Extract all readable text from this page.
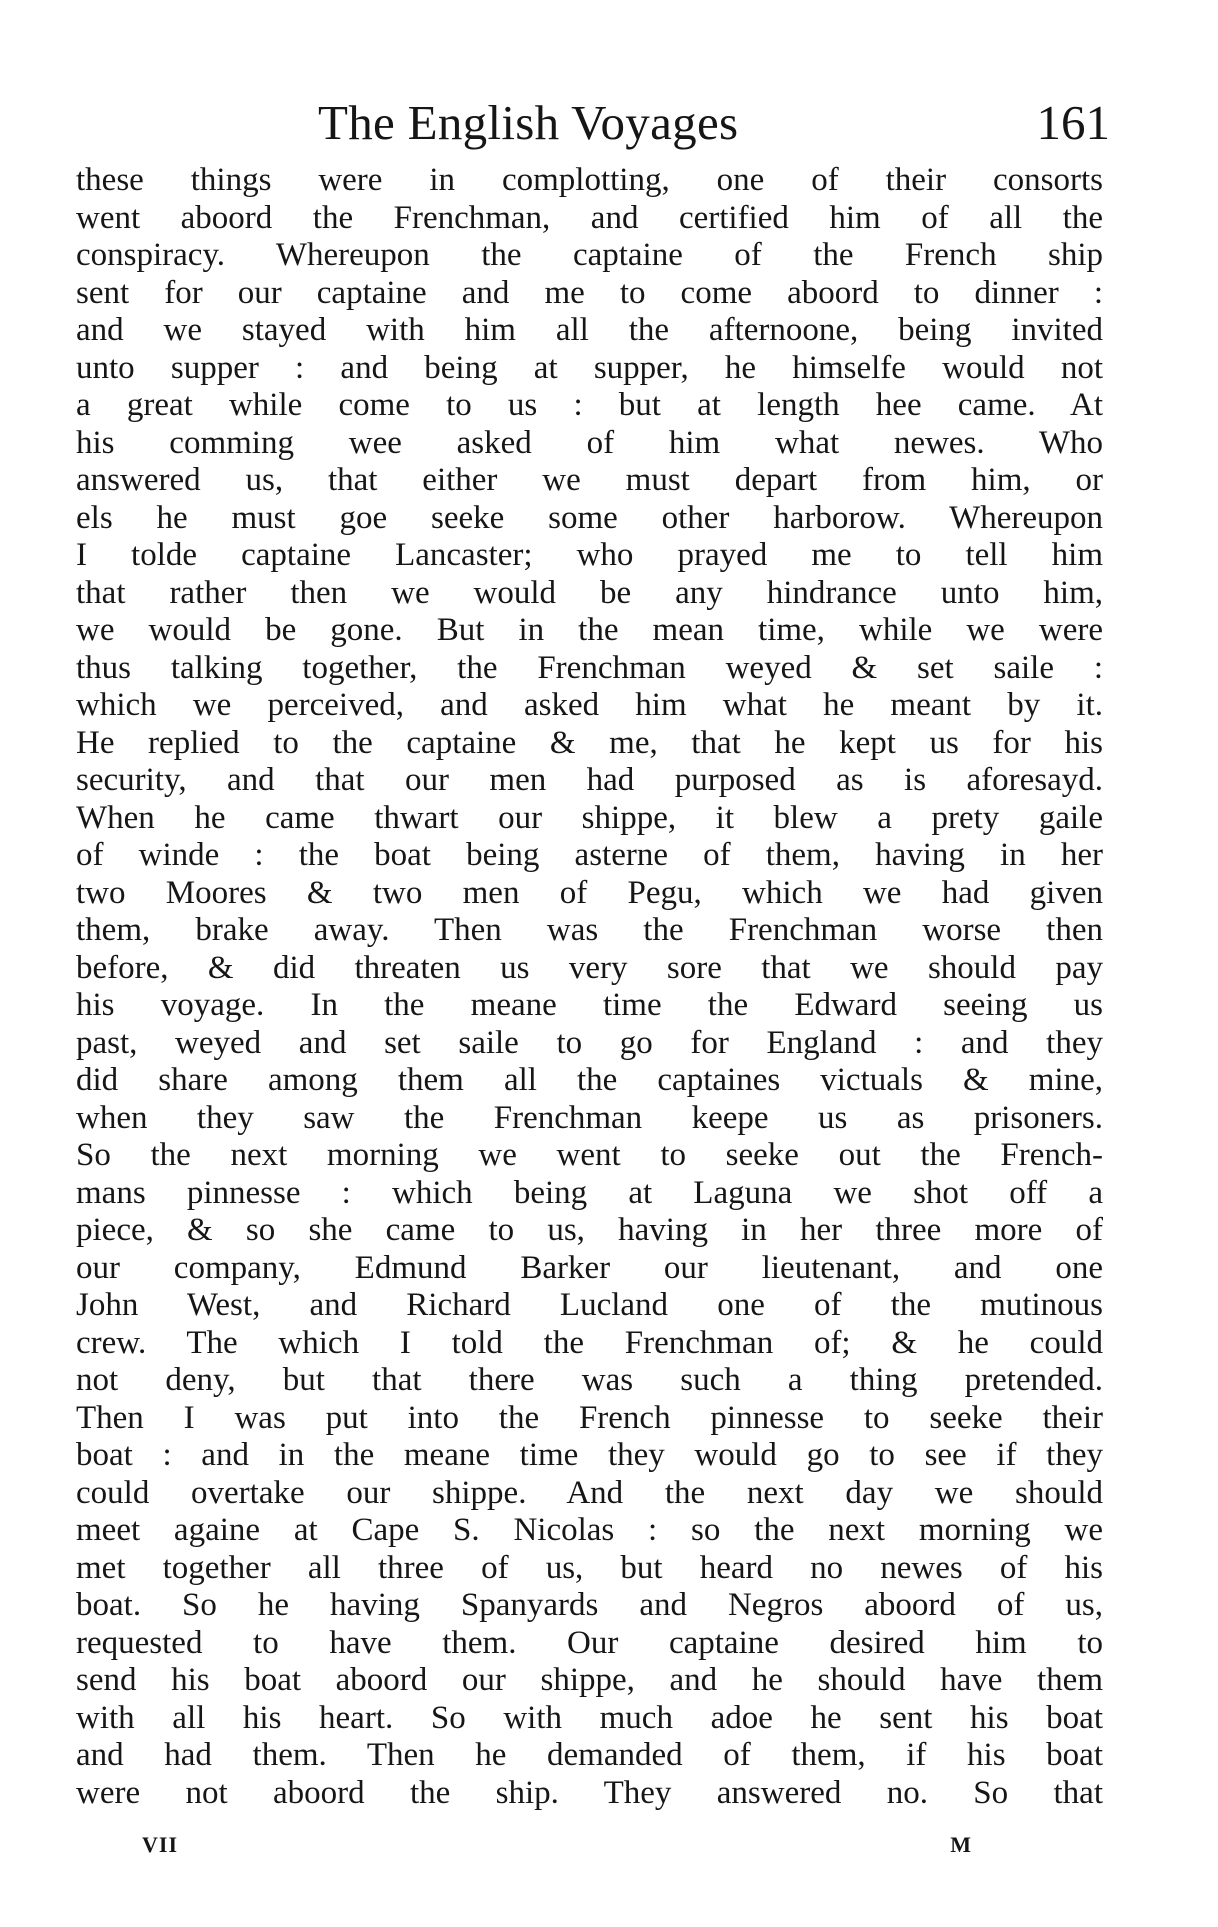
The English Voyages	161
these things were in complotting, one of their consorts
went aboord the Frenchman, and certified him of all the
conspiracy. Whereupon the captaine of the French ship
sent for our captaine and me to come aboord to dinner :
and we stayed with him all the afternoone, being invited
unto supper : and being at supper, he himselfe would not
a great while come to us : but at length hee came. At
his comming wee asked of him what newes. Who
answered us, that either we must depart from him, or
els he must goe seeke some other harborow. Whereupon
I tolde captaine Lancaster; who prayed me to tell him
that rather then we would be any hindrance unto him,
we would be gone. But in the mean time, while we were
thus talking together, the Frenchman weyed & set saile :
which we perceived, and asked him what he meant by it.
He replied to the captaine & me, that he kept us for his
security, and that our men had purposed as is aforesayd.
When he came thwart our shippe, it blew a prety gaile
of winde : the boat being asterne of them, having in her
two Moores & two men of Pegu, which we had given
them, brake away. Then was the Frenchman worse then
before, & did threaten us very sore that we should pay
his voyage. In the meane time the Edward seeing us
past, weyed and set saile to go for England : and they
did share among them all the captaines victuals & mine,
when they saw the Frenchman keepe us as prisoners.
So the next morning we went to seeke out the French-
mans pinnesse : which being at Laguna we shot off a
piece, & so she came to us, having in her three more of
our company, Edmund Barker our lieutenant, and one
John West, and Richard Lucland one of the mutinous
crew. The which I told the Frenchman of; & he could
not deny, but that there was such a thing pretended.
Then I was put into the French pinnesse to seeke their
boat : and in the meane time they would go to see if they
could overtake our shippe. And the next day we should
meet againe at Cape S. Nicolas : so the next morning we
met together all three of us, but heard no newes of his
boat. So he having Spanyards and Negros aboord of us,
requested to have them. Our captaine desired him to
send his boat aboord our shippe, and he should have them
with all his heart. So with much adoe he sent his boat
and had them. Then he demanded of them, if his boat
were not aboord the ship. They answered no. So that
VII	M
